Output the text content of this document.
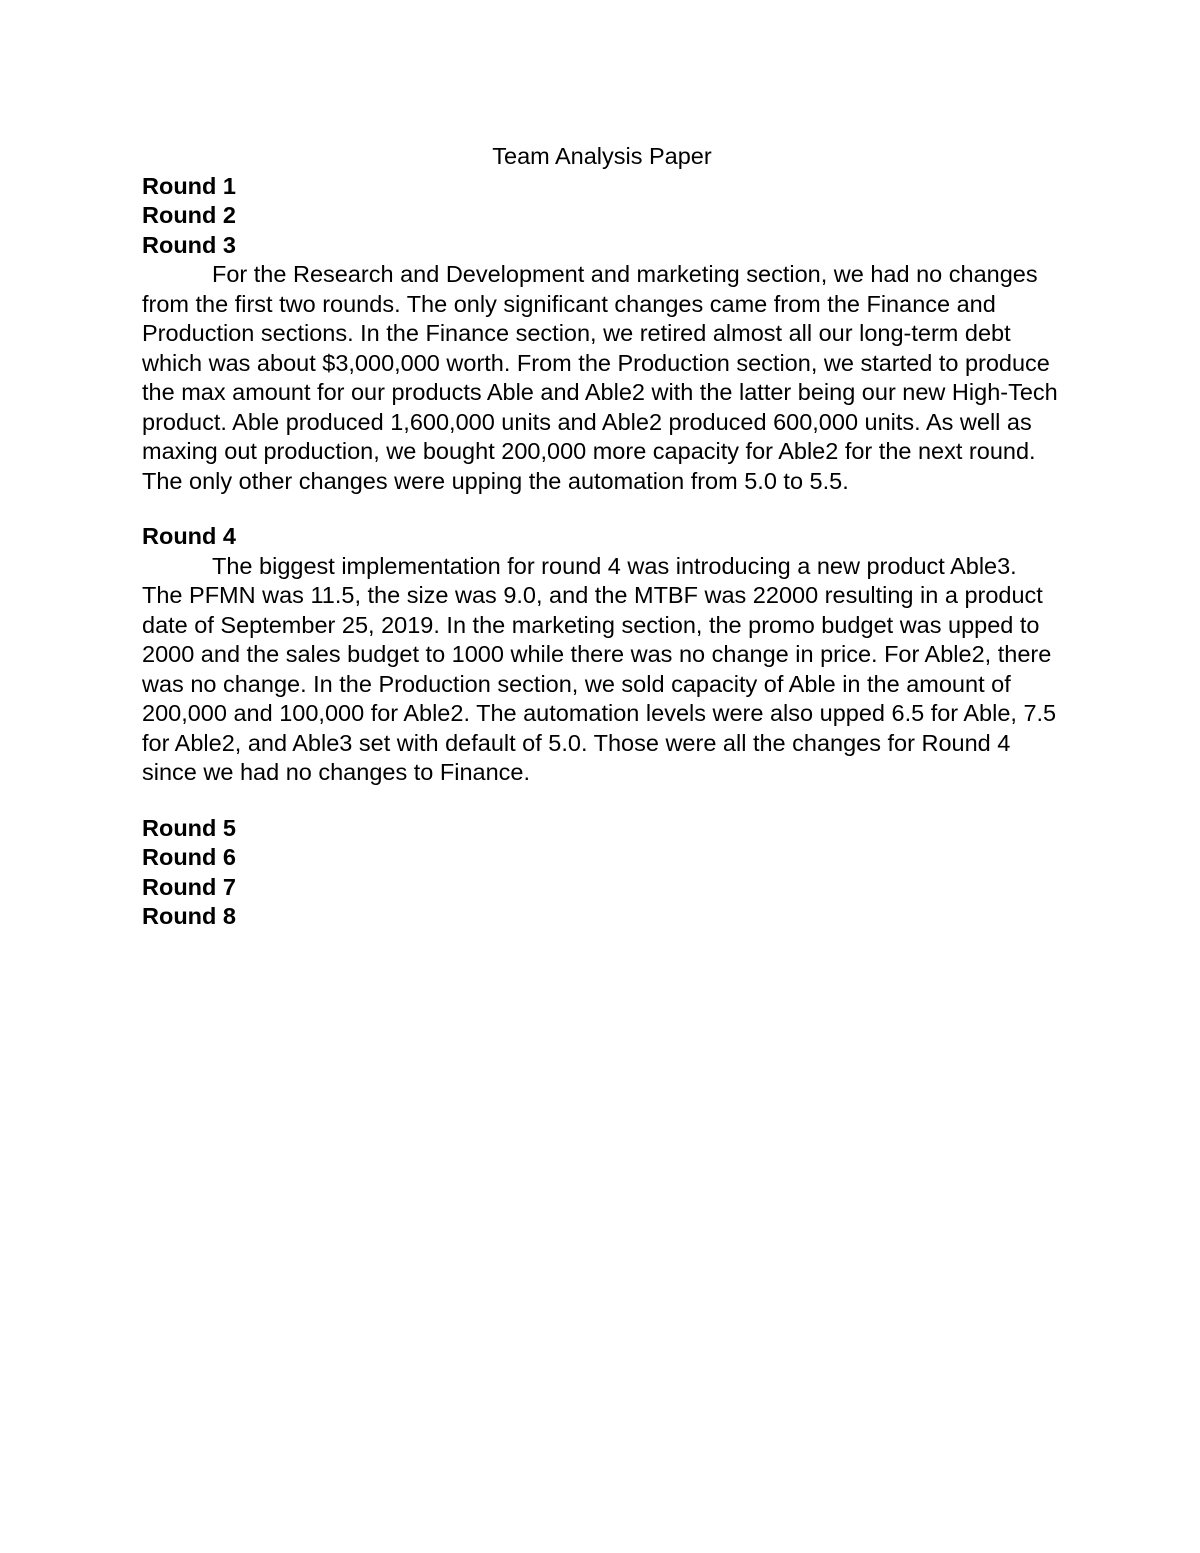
Team Analysis Paper

Round 1

Round 2

Round 3

For the Research and Development and marketing section, we had no changes from the first two rounds. The only significant changes came from the Finance and Production sections. In the Finance section, we retired almost all our long-term debt which was about $3,000,000 worth. From the Production section, we started to produce the max amount for our products Able and Able2 with the latter being our new High-Tech product. Able produced 1,600,000 units and Able2 produced 600,000 units. As well as maxing out production, we bought 200,000 more capacity for Able2 for the next round. The only other changes were upping the automation from 5.0 to 5.5.

Round 4

The biggest implementation for round 4 was introducing a new product Able3. The PFMN was 11.5, the size was 9.0, and the MTBF was 22000 resulting in a product date of September 25, 2019. In the marketing section, the promo budget was upped to 2000 and the sales budget to 1000 while there was no change in price. For Able2, there was no change. In the Production section, we sold capacity of Able in the amount of 200,000 and 100,000 for Able2. The automation levels were also upped 6.5 for Able, 7.5 for Able2, and Able3 set with default of 5.0. Those were all the changes for Round 4 since we had no changes to Finance.

Round 5

Round 6

Round 7

Round 8
